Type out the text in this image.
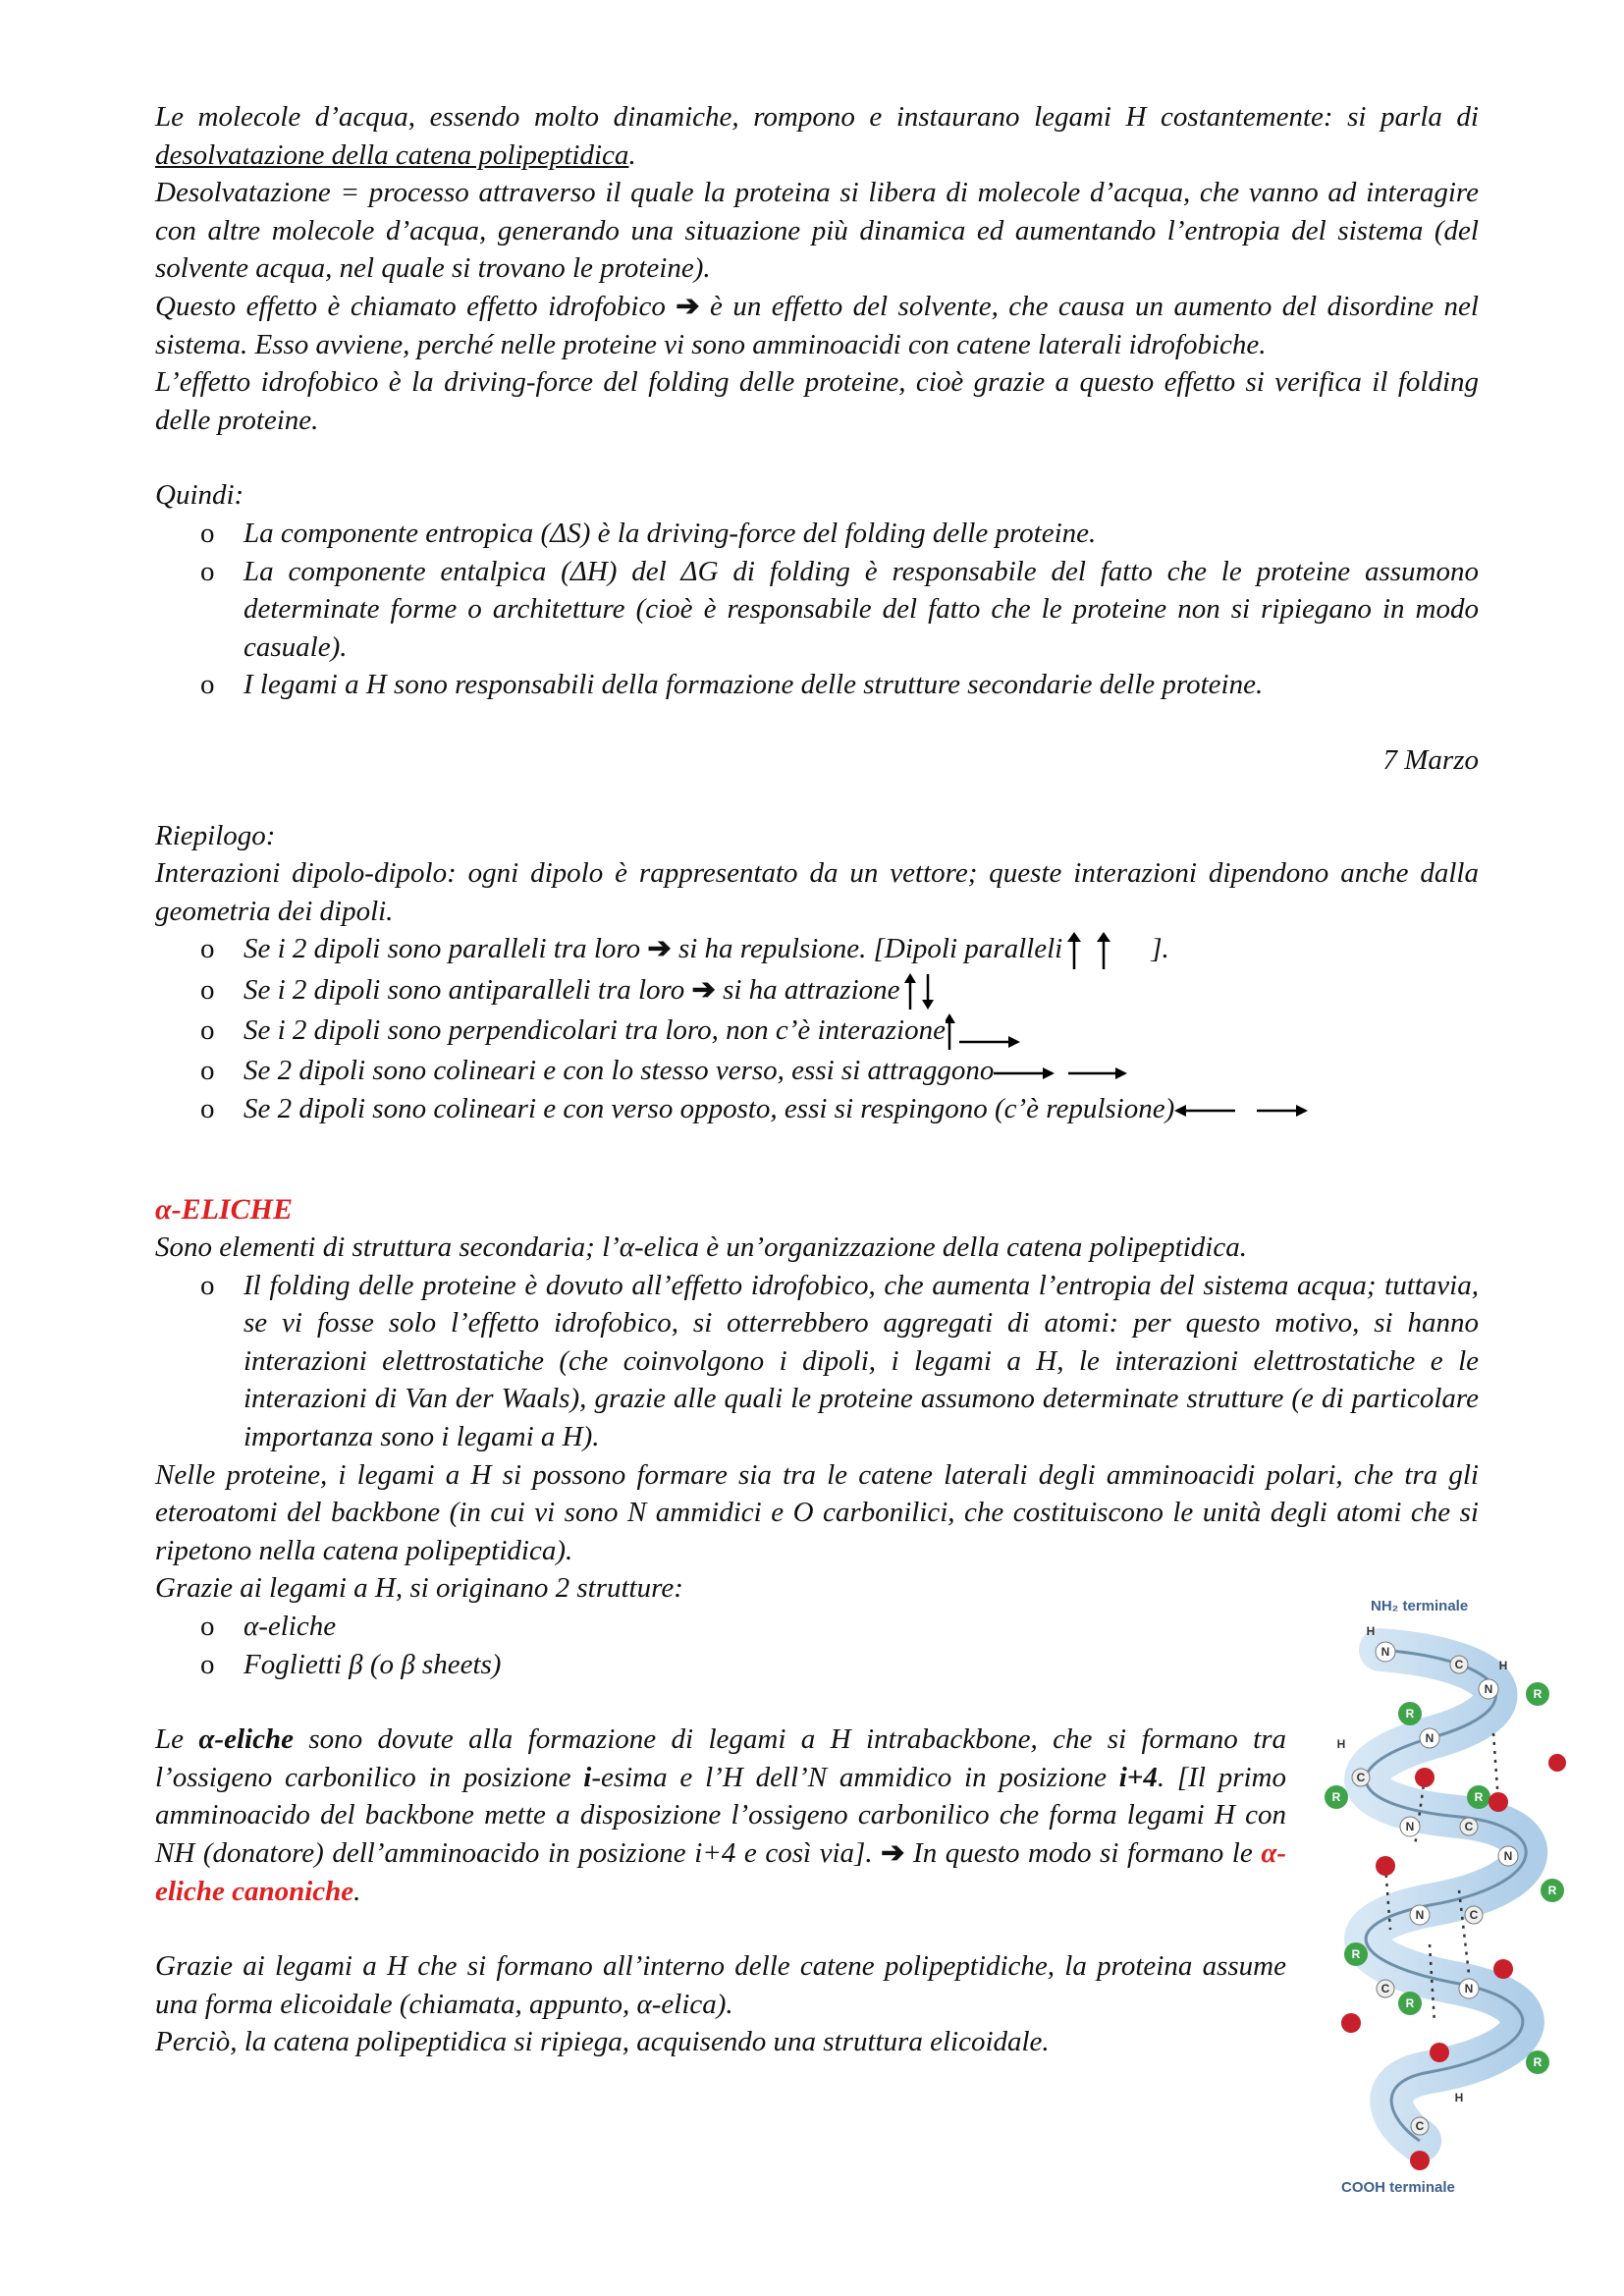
Le molecole d’acqua, essendo molto dinamiche, rompono e instaurano legami H costantemente: si parla di desolvatazione della catena polipeptidica.

Desolvatazione = processo attraverso il quale la proteina si libera di molecole d’acqua, che vanno ad interagire con altre molecole d’acqua, generando una situazione più dinamica ed aumentando l’entropia del sistema (del solvente acqua, nel quale si trovano le proteine).

Questo effetto è chiamato effetto idrofobico ➔ è un effetto del solvente, che causa un aumento del disordine nel sistema. Esso avviene, perché nelle proteine vi sono amminoacidi con catene laterali idrofobiche.

L’effetto idrofobico è la driving-force del folding delle proteine, cioè grazie a questo effetto si verifica il folding delle proteine.

Quindi:

o La componente entropica (ΔS) è la driving-force del folding delle proteine.
o La componente entalpica (ΔH) del ΔG di folding è responsabile del fatto che le proteine assumono determinate forme o architetture (cioè è responsabile del fatto che le proteine non si ripiegano in modo casuale).
o I legami a H sono responsabili della formazione delle strutture secondarie delle proteine.

7 Marzo

Riepilogo:

Interazioni dipolo-dipolo: ogni dipolo è rappresentato da un vettore; queste interazioni dipendono anche dalla geometria dei dipoli.

o Se i 2 dipoli sono paralleli tra loro ➔ si ha repulsione. [Dipoli paralleli	].
o Se i 2 dipoli sono antiparalleli tra loro ➔ si ha attrazione
o Se i 2 dipoli sono perpendicolari tra loro, non c’è interazione
o Se 2 dipoli sono colineari e con lo stesso verso, essi si attraggono
o Se 2 dipoli sono colineari e con verso opposto, essi si respingono (c’è repulsione)

α-ELICHE

Sono elementi di struttura secondaria; l’α-elica è un’organizzazione della catena polipeptidica.

o Il folding delle proteine è dovuto all’effetto idrofobico, che aumenta l’entropia del sistema acqua; tuttavia, se vi fosse solo l’effetto idrofobico, si otterrebbero aggregati di atomi: per questo motivo, si hanno interazioni elettrostatiche (che coinvolgono i dipoli, i legami a H, le interazioni elettrostatiche e le interazioni di Van der Waals), grazie alle quali le proteine assumono determinate strutture (e di particolare importanza sono i legami a H).

Nelle proteine, i legami a H si possono formare sia tra le catene laterali degli amminoacidi polari, che tra gli eteroatomi del backbone (in cui vi sono N ammidici e O carbonilici, che costituiscono le unità degli atomi che si ripetono nella catena polipeptidica).

Grazie ai legami a H, si originano 2 strutture:

o α-eliche
o Foglietti β (o β sheets)

Le α-eliche sono dovute alla formazione di legami a H intrabackbone, che si formano tra l’ossigeno carbonilico in posizione i-esima e l’H dell’N ammidico in posizione i+4. [Il primo amminoacido del backbone mette a disposizione l’ossigeno carbonilico che forma legami H con NH (donatore) dell’amminoacido in posizione i+4 e così via]. ➔ In questo modo si formano le α-eliche canoniche.

Grazie ai legami a H che si formano all’interno delle catene polipeptidiche, la proteina assume una forma elicoidale (chiamata, appunto, α-elica).

Perciò, la catena polipeptidica si ripiega, acquisendo una struttura elicoidale.

NH₂ terminale
R
R
R	R
R
R
R
R
N
N
N
N
N
N
N
C
C
C
C
C
C
H
H
H
H
COOH terminale
